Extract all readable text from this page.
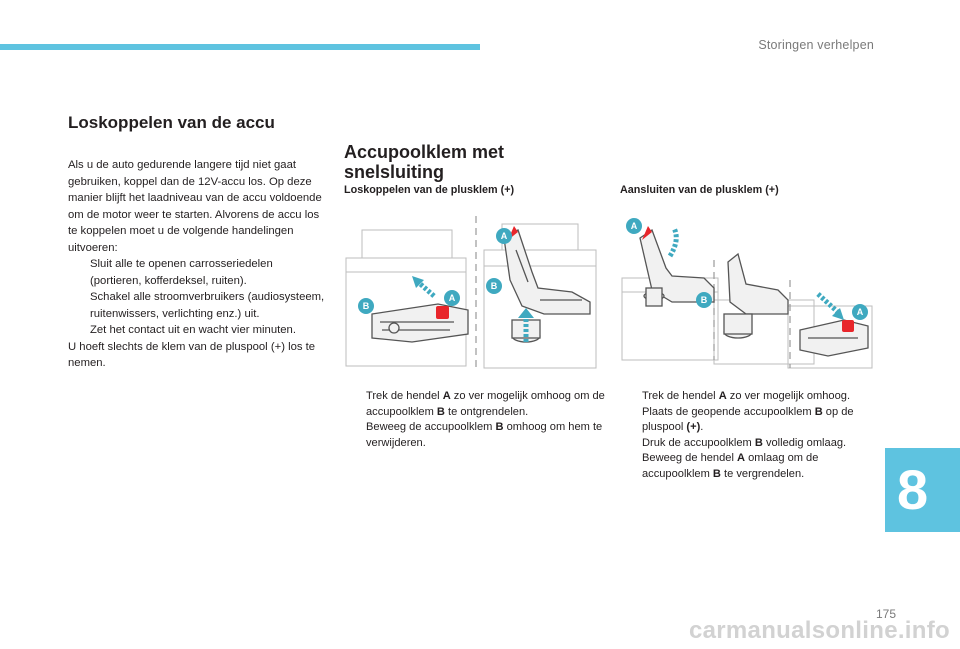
Storingen verhelpen
Loskoppelen van de accu

Als u de auto gedurende langere tijd niet gaat gebruiken, koppel dan de 12V-accu los. Op deze manier blijft het laadniveau van de accu voldoende om de motor weer te starten. Alvorens de accu los te koppelen moet u de volgende handelingen uitvoeren:

Sluit alle te openen carrosseriedelen (portieren, kofferdeksel, ruiten).
Schakel alle stroomverbruikers (audiosysteem, ruitenwissers, verlichting enz.) uit.
Zet het contact uit en wacht vier minuten.

U hoeft slechts de klem van de pluspool (+) los te nemen.

Accupoolklem met snelsluiting
Loskoppelen van de plusklem (+)
B
A
A
B
Trek de hendel A zo ver mogelijk omhoog om de accupoolklem B te ontgrendelen.
Beweeg de accupoolklem B omhoog om hem te verwijderen.
Aansluiten van de plusklem (+)
A
B
A
Trek de hendel A zo ver mogelijk omhoog.
Plaats de geopende accupoolklem B op de pluspool (+).
Druk de accupoolklem B volledig omlaag.
Beweeg de hendel A omlaag om de accupoolklem B te vergrendelen.	8
175
carmanualsonline.info
